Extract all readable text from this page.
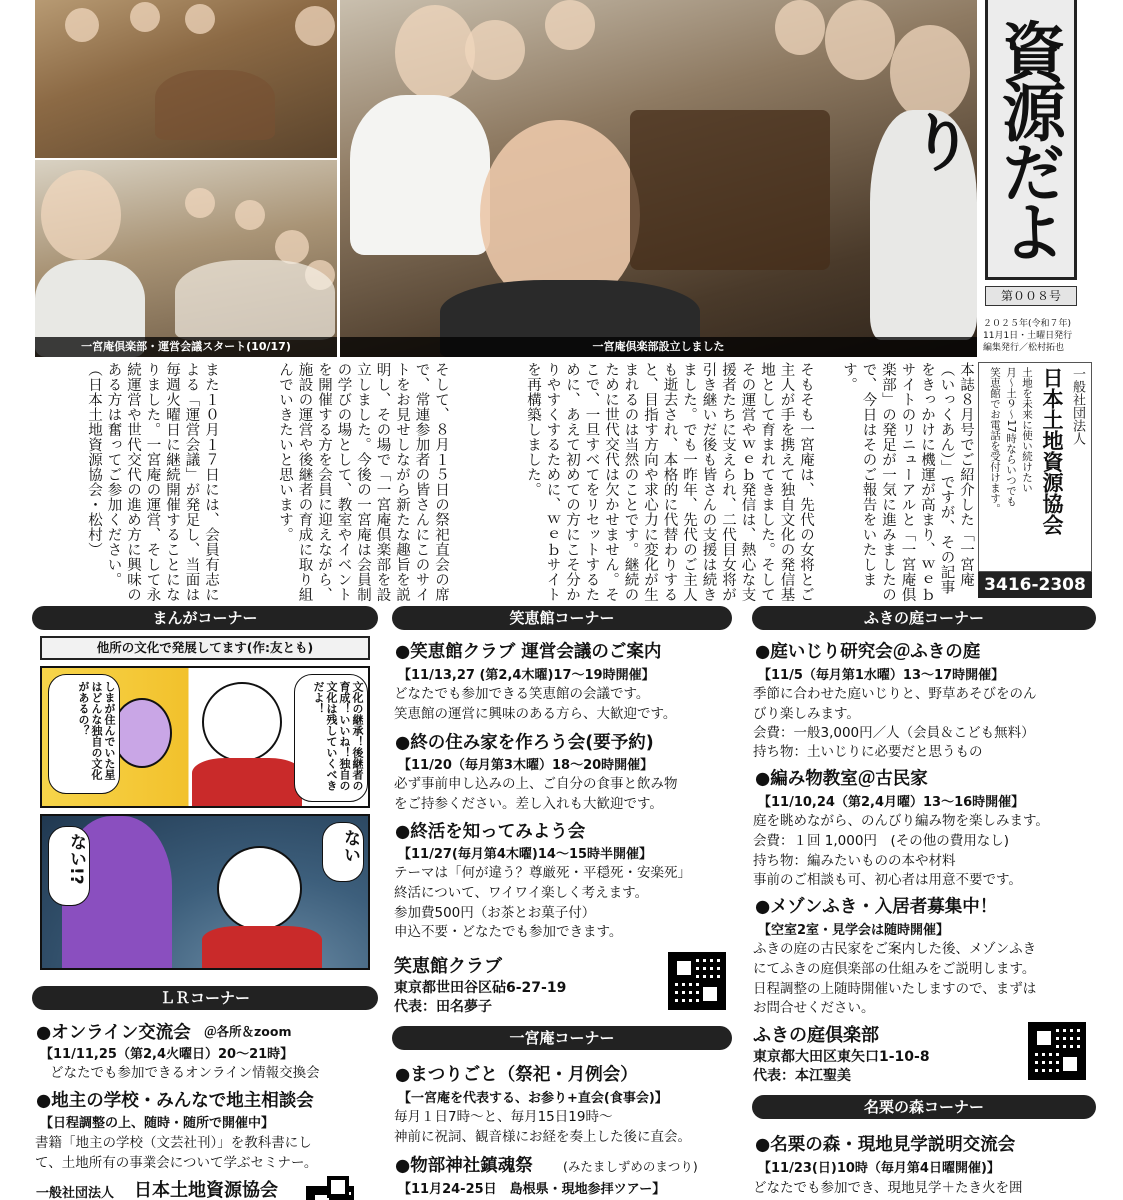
一宮庵倶楽部・運営会議スタート(10/17)	一宮庵倶楽部設立しました
資源だより
第００８号
２０２５年(令和７年)
11月1日・土曜日発行
編集発行／松村拓也
一般社団法人
日本土地資源協会
土地を未来に使い続けたい
月〜土９〜17時ならいつでも
笑恵館でお電話を受付けます。
3416-2308
本誌８月号でご紹介した「一宮庵（いっくあん）」ですが、その記事をきっかけに機運が高まり、ｗｅｂサイトのリニューアルと「一宮庵倶楽部」の発足が一気に進みましたので、今日はそのご報告をいたします。
そもそも一宮庵は、先代の女将とご主人が手を携えて独自文化の発信基地として育まれてきました。そしてその運営やｗｅｂ発信は、熱心な支援者たちに支えられ、二代目女将が引き継いだ後も皆さんの支援は続きました。でも一昨年、先代のご主人も逝去され、本格的に代替わりすると、目指す方向や求心力に変化が生まれるのは当然のことです。継続のために世代交代は欠かせません。そこで、一旦すべてをリセットするために、あえて初めての方にこそ分かりやすくするために、ｗｅｂサイトを再構築しました。
そして、８月１５日の祭祀直会の席で、常連参加者の皆さんにこのサイトをお見せしながら新たな趣旨を説明し、その場で「一宮庵倶楽部を設立しました。今後の一宮庵は会員制の学びの場として、教室やイベントを開催する方を会員に迎えながら、施設の運営や後継者の育成に取り組んでいきたいと思います。
また１０月１７日には、会員有志による「運営会議」が発足し、当面は毎週火曜日に継続開催することになりました。一宮庵の運営、そして永続運営や世代交代の進め方に興味のある方は奮ってご参加ください。（日本土地資源協会・松村）
まんがコーナー
他所の文化で発展してます(作:友とも)
しまが住んでいた星はどんな独自の文化があるの？	文化の継承！後継者の育成！いいね！独自の文化は残していくべきだよ！
ない
ない!?
ＬＲコーナー
●オンライン交流会 ＠各所＆zoom
【11/11,25（第2,4火曜日）20〜21時】
どなたでも参加できるオンライン情報交換会
●地主の学校・みんなで地主相談会
【日程調整の上、随時・随所で開催中】
書籍「地主の学校（文芸社刊）」を教科書にし
て、土地所有の事業会について学ぶセミナー。
一般社団法人 日本土地資源協会
笑恵館コーナー
●笑恵館クラブ 運営会議のご案内
【11/13,27 (第2,4木曜)17〜19時開催】
どなたでも参加できる笑恵館の会議です。
笑恵館の運営に興味のある方ら、大歓迎です。
●終の住み家を作ろう会(要予約)
【11/20（毎月第3木曜）18〜20時開催】
必ず事前申し込みの上、ご自分の食事と飲み物
をご持参ください。差し入れも大歓迎です。
●終活を知ってみよう会
【11/27(毎月第4木曜)14〜15時半開催】
テーマは「何が違う？尊厳死・平穏死・安楽死」
終活について、ワイワイ楽しく考えます。
参加費500円（お茶とお菓子付）
申込不要・どなたでも参加できます。
笑恵館クラブ
東京都世田谷区砧6-27-19
代表：田名夢子
一宮庵コーナー
●まつりごと（祭祀・月例会）
【一宮庵を代表する、お参り+直会(食事会)】
毎月１日7時〜と、毎月15日19時〜
神前に祝詞、観音様にお経を奏上した後に直会。
●物部神社鎮魂祭 (みたましずめのまつり)
【11月24-25日　島根県・現地参拝ツアー】
ふきの庭コーナー
●庭いじり研究会＠ふきの庭
【11/5（毎月第1水曜）13〜17時開催】
季節に合わせた庭いじりと、野草あそびをのん
びり楽しみます。
会費：一般3,000円／人（会員＆こども無料）
持ち物：土いじりに必要だと思うもの
●編み物教室＠古民家
【11/10,24（第2,4月曜）13〜16時開催】
庭を眺めながら、のんびり編み物を楽しみます。
会費：１回 1,000円　(その他の費用なし)
持ち物：編みたいものの本や材料
事前のご相談も可、初心者は用意不要です。
●メゾンふき・入居者募集中！
【空室2室・見学会は随時開催】
ふきの庭の古民家をご案内した後、メゾンふき
にてふきの庭倶楽部の仕組みをご説明します。
日程調整の上随時開催いたしますので、まずは
お問合せください。
ふきの庭倶楽部
東京都大田区東矢口1-10-8
代表：本江聖美
名栗の森コーナー
●名栗の森・現地見学説明交流会
【11/23(日)10時（毎月第4日曜開催)】
どなたでも参加でき、現地見学＋たき火を囲
